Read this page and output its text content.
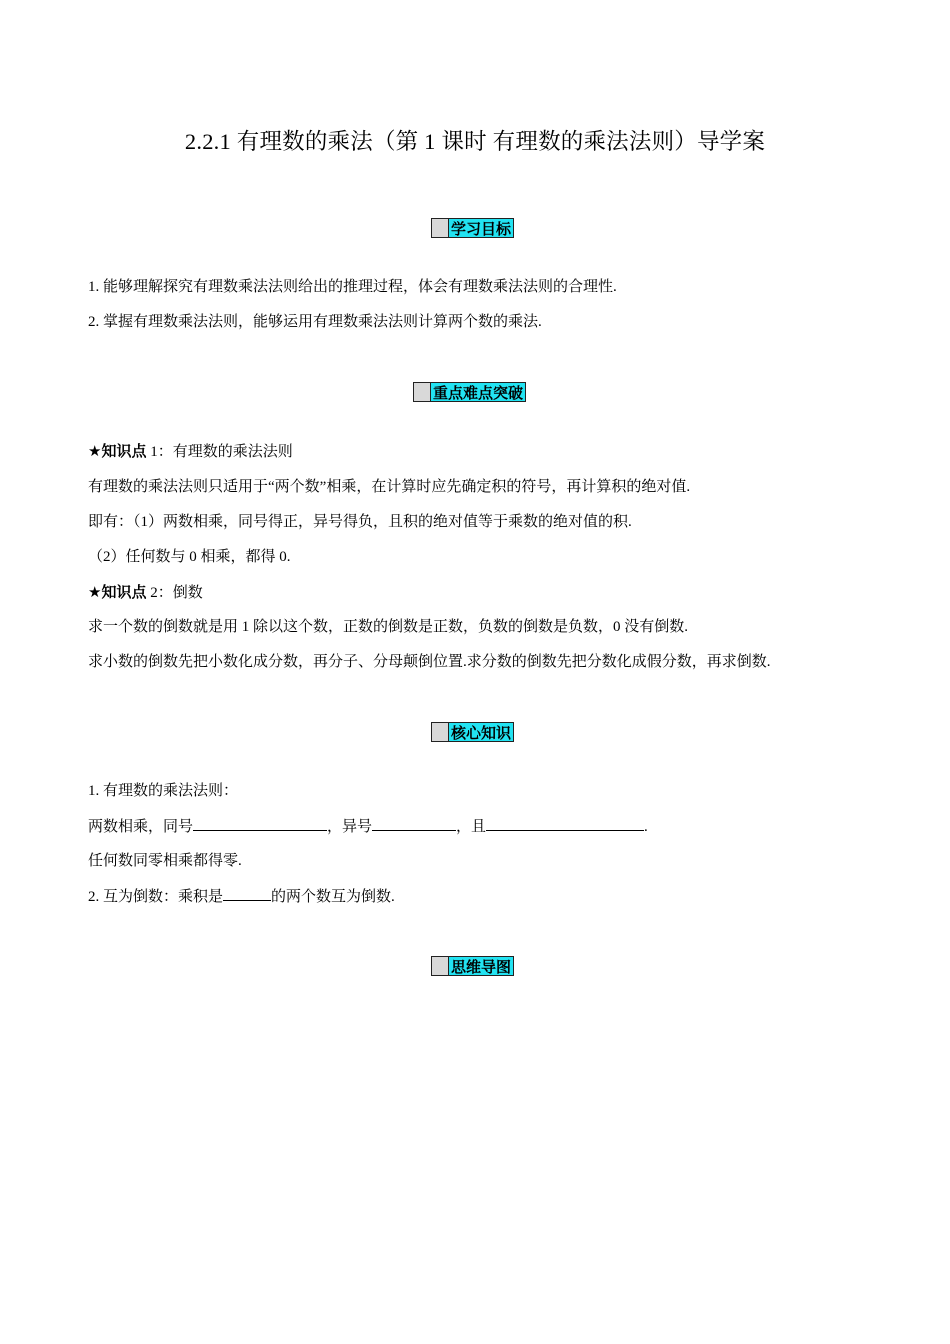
2.2.1 有理数的乘法（第 1 课时 有理数的乘法法则）导学案
学习目标
1. 能够理解探究有理数乘法法则给出的推理过程，体会有理数乘法法则的合理性.
2. 掌握有理数乘法法则，能够运用有理数乘法法则计算两个数的乘法.
重点难点突破
★知识点 1：有理数的乘法法则
有理数的乘法法则只适用于“两个数”相乘，在计算时应先确定积的符号，再计算积的绝对值.
即有：（1）两数相乘，同号得正，异号得负，且积的绝对值等于乘数的绝对值的积.
（2）任何数与 0 相乘，都得 0.
★知识点 2：倒数
求一个数的倒数就是用 1 除以这个数，正数的倒数是正数，负数的倒数是负数，0 没有倒数.
求小数的倒数先把小数化成分数，再分子、分母颠倒位置.求分数的倒数先把分数化成假分数，再求倒数.
核心知识
1. 有理数的乘法法则：
两数相乘，同号	，异号	，且	.
任何数同零相乘都得零.
2. 互为倒数：乘积是	的两个数互为倒数.
思维导图
